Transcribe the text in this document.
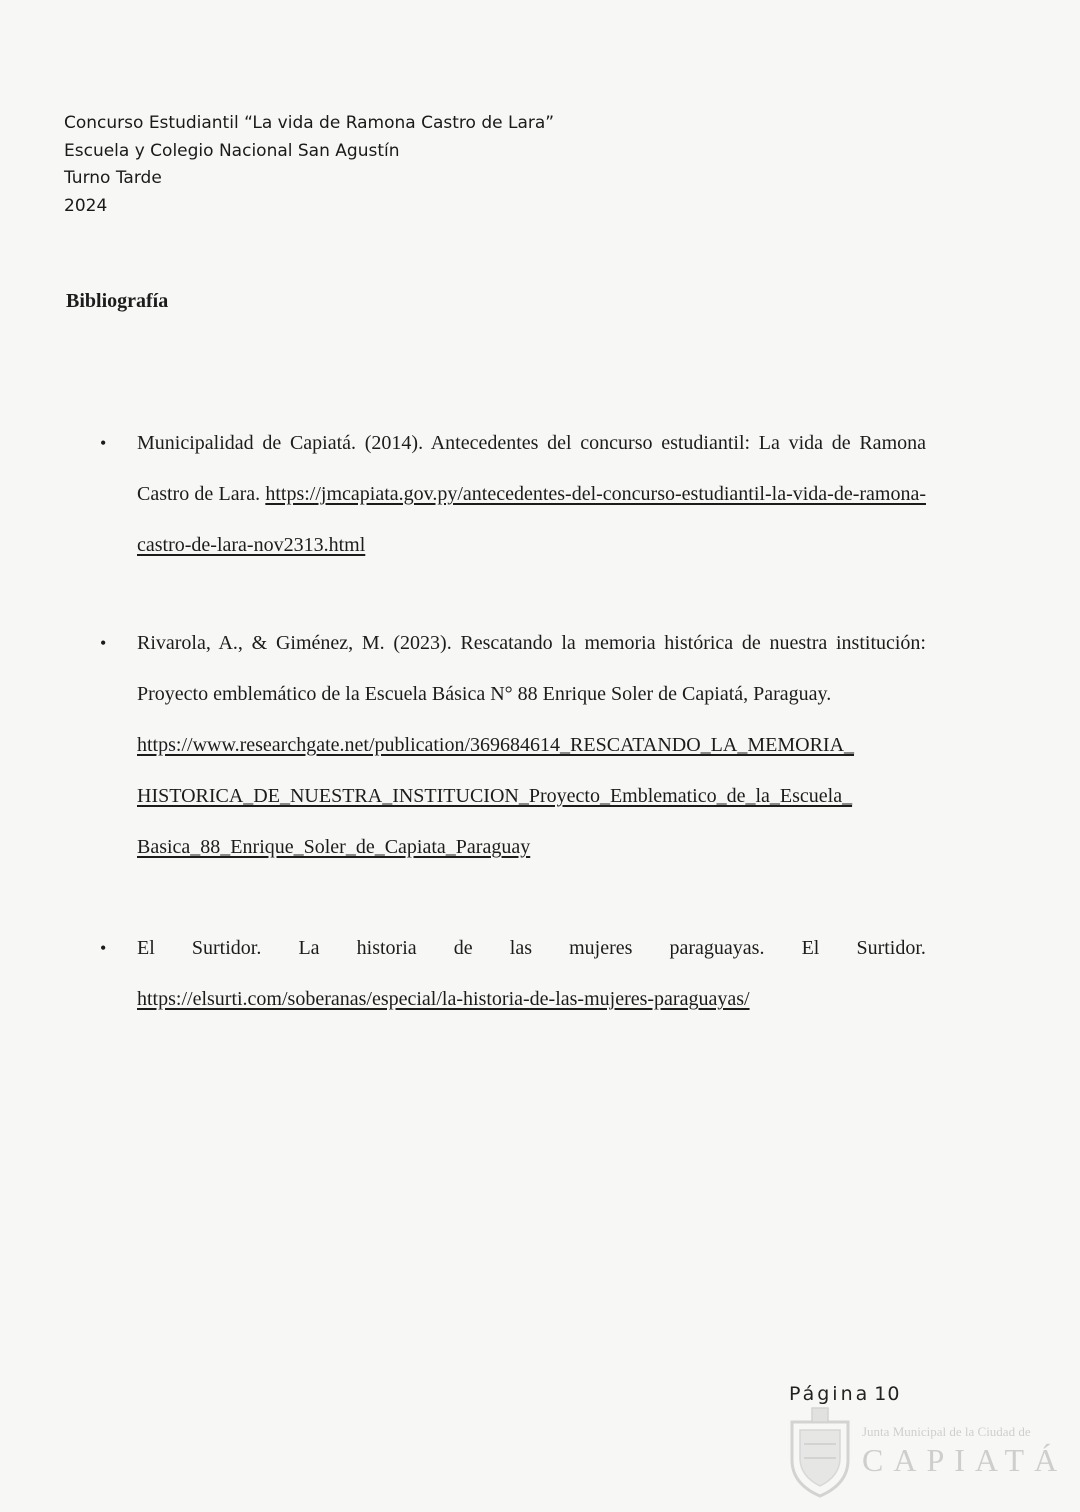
Concurso Estudiantil “La vida de Ramona Castro de Lara”
Escuela y Colegio Nacional San Agustín
Turno Tarde
2024
Bibliografía
• Municipalidad de Capiatá. (2014). Antecedentes del concurso estudiantil: La vida de Ramona Castro de Lara. https://jmcapiata.gov.py/antecedentes-del-concurso-estudiantil-la-vida-de-ramona-castro-de-lara-nov2313.html
• Rivarola, A., & Giménez, M. (2023). Rescatando la memoria histórica de nuestra institución: Proyecto emblemático de la Escuela Básica N° 88 Enrique Soler de Capiatá, Paraguay.
https://www.researchgate.net/publication/369684614_RESCATANDO_LA_MEMORIA_
HISTORICA_DE_NUESTRA_INSTITUCION_Proyecto_Emblematico_de_la_Escuela_
Basica_88_Enrique_Soler_de_Capiata_Paraguay
• El Surtidor. La historia de las mujeres paraguayas. El Surtidor.
https://elsurti.com/soberanas/especial/la-historia-de-las-mujeres-paraguayas/
Página 10
Junta Municipal de la Ciudad de
CAPIATÁ
